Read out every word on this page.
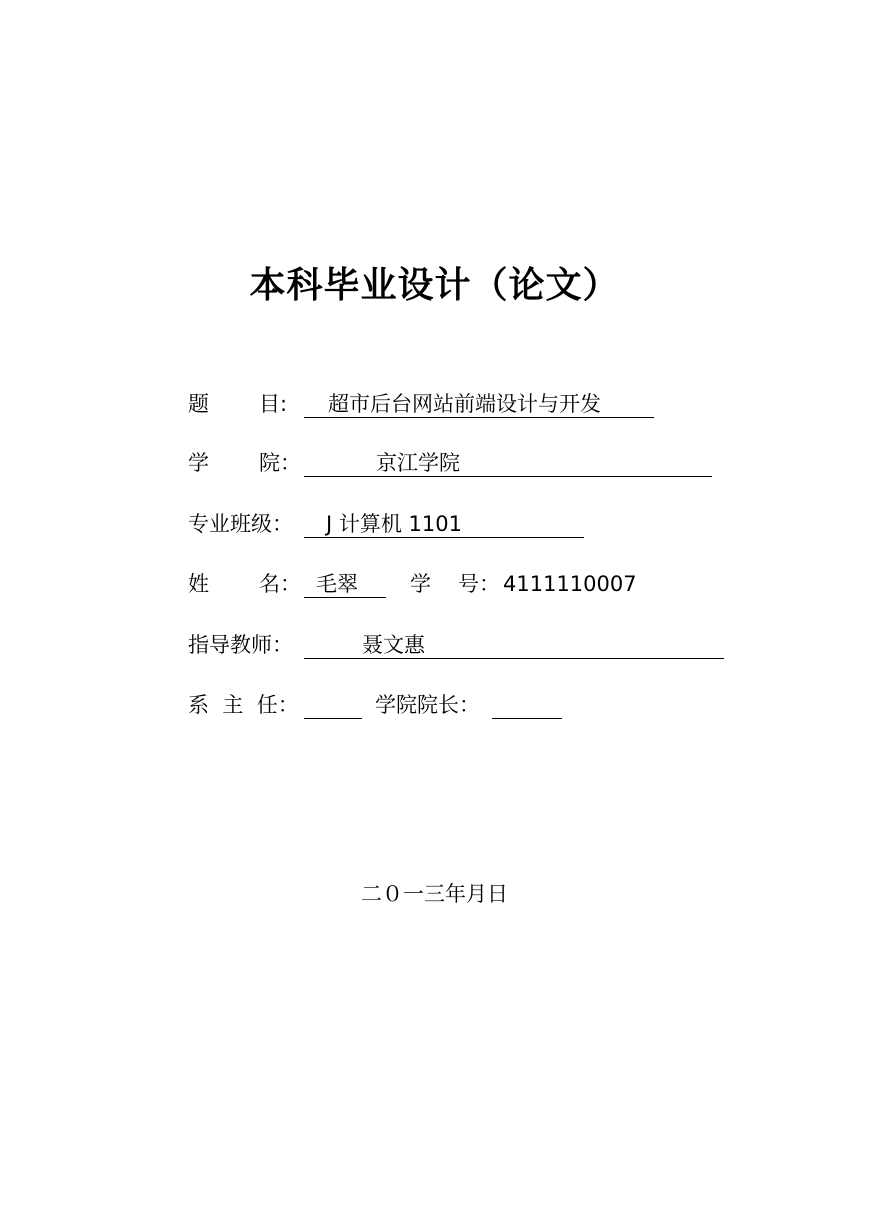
本科毕业设计（论文）
题 目: 超市后台网站前端设计与开发
学 院：	京江学院
专业班级： J 计算机 1101
姓 名： 毛翠 学 号： 4111110007
指导教师：	聂文惠
系  主  任：	学院院长：
二０一三年月日
